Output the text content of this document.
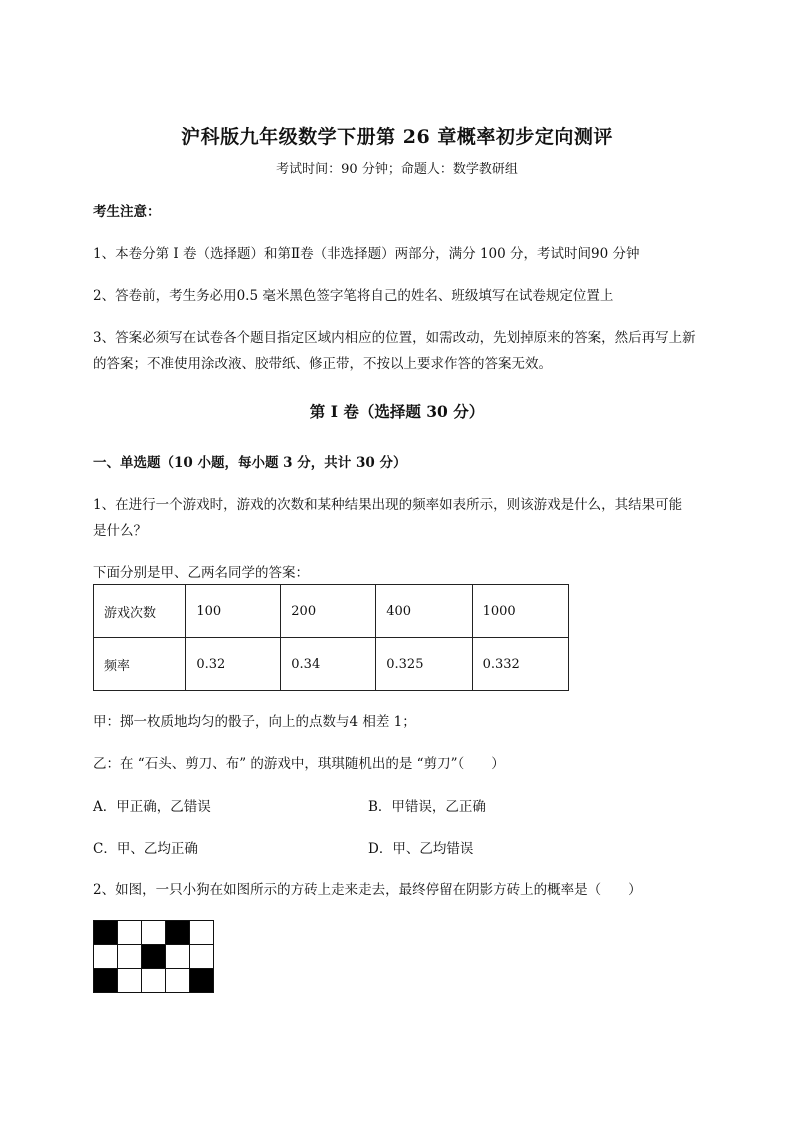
沪科版九年级数学下册第 26 章概率初步定向测评
考试时间：90 分钟；命题人：数学教研组
考生注意：
1、本卷分第 I 卷（选择题）和第Ⅱ卷（非选择题）两部分，满分 100 分，考试时间90 分钟
2、答卷前，考生务必用0.5 毫米黑色签字笔将自己的姓名、班级填写在试卷规定位置上
3、答案必须写在试卷各个题目指定区域内相应的位置，如需改动，先划掉原来的答案，然后再写上新
的答案；不准使用涂改液、胶带纸、修正带，不按以上要求作答的答案无效。
第 I 卷（选择题 30 分）
一、单选题（10 小题，每小题 3 分，共计 30 分）
1、在进行一个游戏时，游戏的次数和某种结果出现的频率如表所示，则该游戏是什么，其结果可能
是什么？
下面分别是甲、乙两名同学的答案：
游戏次数	100	200	400	1000
频率	0.32	0.34	0.325	0.332
甲：掷一枚质地均匀的骰子，向上的点数与4 相差 1；
乙：在 “石头、剪刀、布” 的游戏中，琪琪随机出的是 “剪刀”（　　）
A．甲正确，乙错误	B．甲错误，乙正确
C．甲、乙均正确	D．甲、乙均错误
2、如图，一只小狗在如图所示的方砖上走来走去，最终停留在阴影方砖上的概率是（　　）
